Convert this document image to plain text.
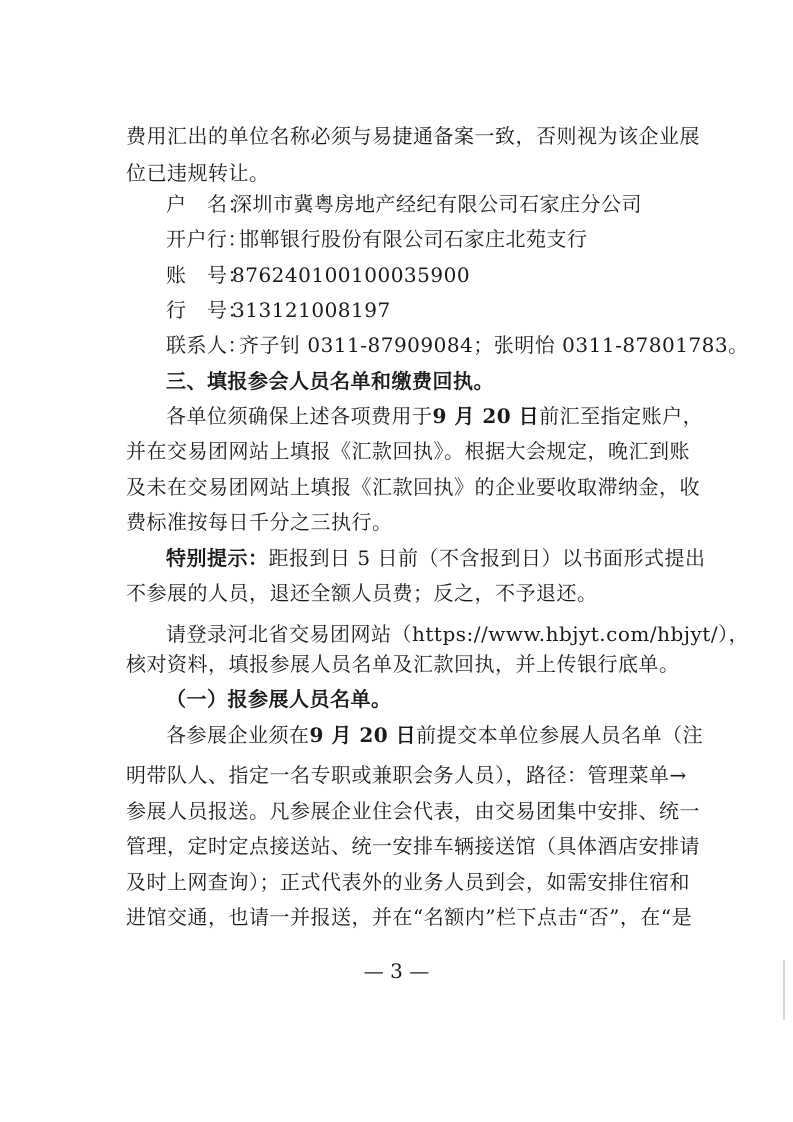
费用汇出的单位名称必须与易捷通备案一致，否则视为该企业展
位已违规转让。
户　名：深圳市冀粤房地产经纪有限公司石家庄分公司
开户行：邯郸银行股份有限公司石家庄北苑支行
账　号：876240100100035900
行　号：313121008197
联系人：齐子钊 0311-87909084；张明怡 0311-87801783。
三、填报参会人员名单和缴费回执。
各单位须确保上述各项费用于9 月 20 日前汇至指定账户，
并在交易团网站上填报《汇款回执》。根据大会规定，晚汇到账
及未在交易团网站上填报《汇款回执》的企业要收取滞纳金，收
费标准按每日千分之三执行。
特别提示：距报到日 5 日前（不含报到日）以书面形式提出
不参展的人员，退还全额人员费；反之，不予退还。
请登录河北省交易团网站（https://www.hbjyt.com/hbjyt/），
核对资料，填报参展人员名单及汇款回执，并上传银行底单。
（一）报参展人员名单。
各参展企业须在9 月 20 日前提交本单位参展人员名单（注
明带队人、指定一名专职或兼职会务人员），路径：管理菜单→
参展人员报送。凡参展企业住会代表，由交易团集中安排、统一
管理，定时定点接送站、统一安排车辆接送馆（具体酒店安排请
及时上网查询）；正式代表外的业务人员到会，如需安排住宿和
进馆交通，也请一并报送，并在“名额内”栏下点击“否”，在“是
— 3 —
